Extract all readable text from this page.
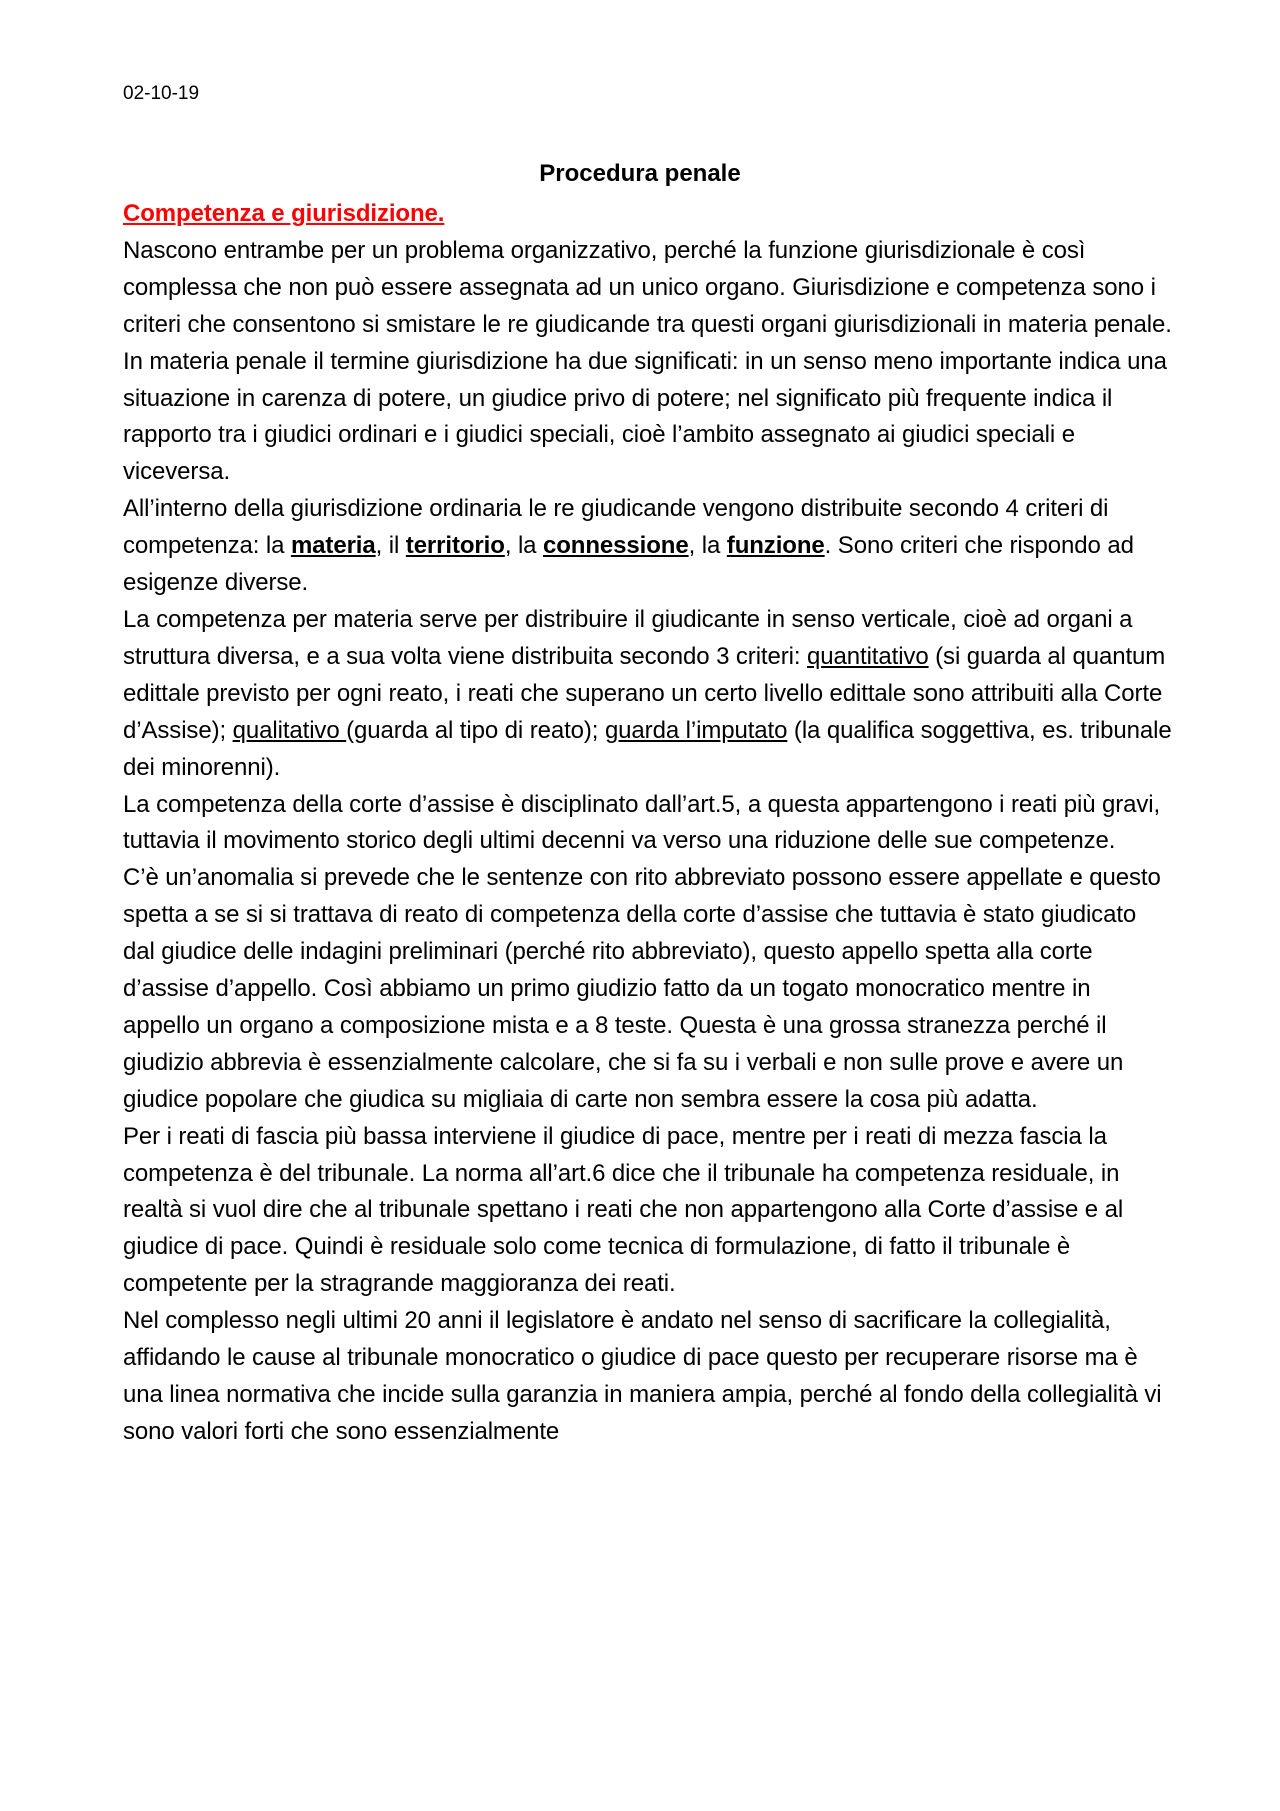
02-10-19
Procedura penale
Competenza e giurisdizione.
Nascono entrambe per un problema organizzativo, perché la funzione giurisdizionale è così complessa che non può essere assegnata ad un unico organo. Giurisdizione e competenza sono i criteri che consentono si smistare le re giudicande tra questi organi giurisdizionali in materia penale.
In materia penale il termine giurisdizione ha due significati: in un senso meno importante indica una situazione in carenza di potere, un giudice privo di potere; nel significato più frequente indica il rapporto tra i giudici ordinari e i giudici speciali, cioè l’ambito assegnato ai giudici speciali e viceversa.
All’interno della giurisdizione ordinaria le re giudicande vengono distribuite secondo 4 criteri di competenza: la materia, il territorio, la connessione, la funzione. Sono criteri che rispondo ad esigenze diverse.
La competenza per materia serve per distribuire il giudicante in senso verticale, cioè ad organi a struttura diversa, e a sua volta viene distribuita secondo 3 criteri: quantitativo (si guarda al quantum edittale previsto per ogni reato, i reati che superano un certo livello edittale sono attribuiti alla Corte d’Assise); qualitativo (guarda al tipo di reato); guarda l’imputato (la qualifica soggettiva, es. tribunale dei minorenni).
La competenza della corte d’assise è disciplinato dall’art.5, a questa appartengono i reati più gravi, tuttavia il movimento storico degli ultimi decenni va verso una riduzione delle sue competenze.
C’è un’anomalia si prevede che le sentenze con rito abbreviato possono essere appellate e questo spetta a se si si trattava di reato di competenza della corte d’assise che tuttavia è stato giudicato dal giudice delle indagini preliminari (perché rito abbreviato), questo appello spetta alla corte d’assise d’appello. Così abbiamo un primo giudizio fatto da un togato monocratico mentre in appello un organo a composizione mista e a 8 teste. Questa è una grossa stranezza perché il giudizio abbrevia è essenzialmente calcolare, che si fa su i verbali e non sulle prove e avere un giudice popolare che giudica su migliaia di carte non sembra essere la cosa più adatta.
Per i reati di fascia più bassa interviene il giudice di pace, mentre per i reati di mezza fascia la competenza è del tribunale. La norma all’art.6 dice che il tribunale ha competenza residuale, in realtà si vuol dire che al tribunale spettano i reati che non appartengono alla Corte d’assise e al giudice di pace. Quindi è residuale solo come tecnica di formulazione, di fatto il tribunale è competente per la stragrande maggioranza dei reati.
Nel complesso negli ultimi 20 anni il legislatore è andato nel senso di sacrificare la collegialità, affidando le cause al tribunale monocratico o giudice di pace questo per recuperare risorse ma è una linea normativa che incide sulla garanzia in maniera ampia, perché al fondo della collegialità vi sono valori forti che sono essenzialmente
